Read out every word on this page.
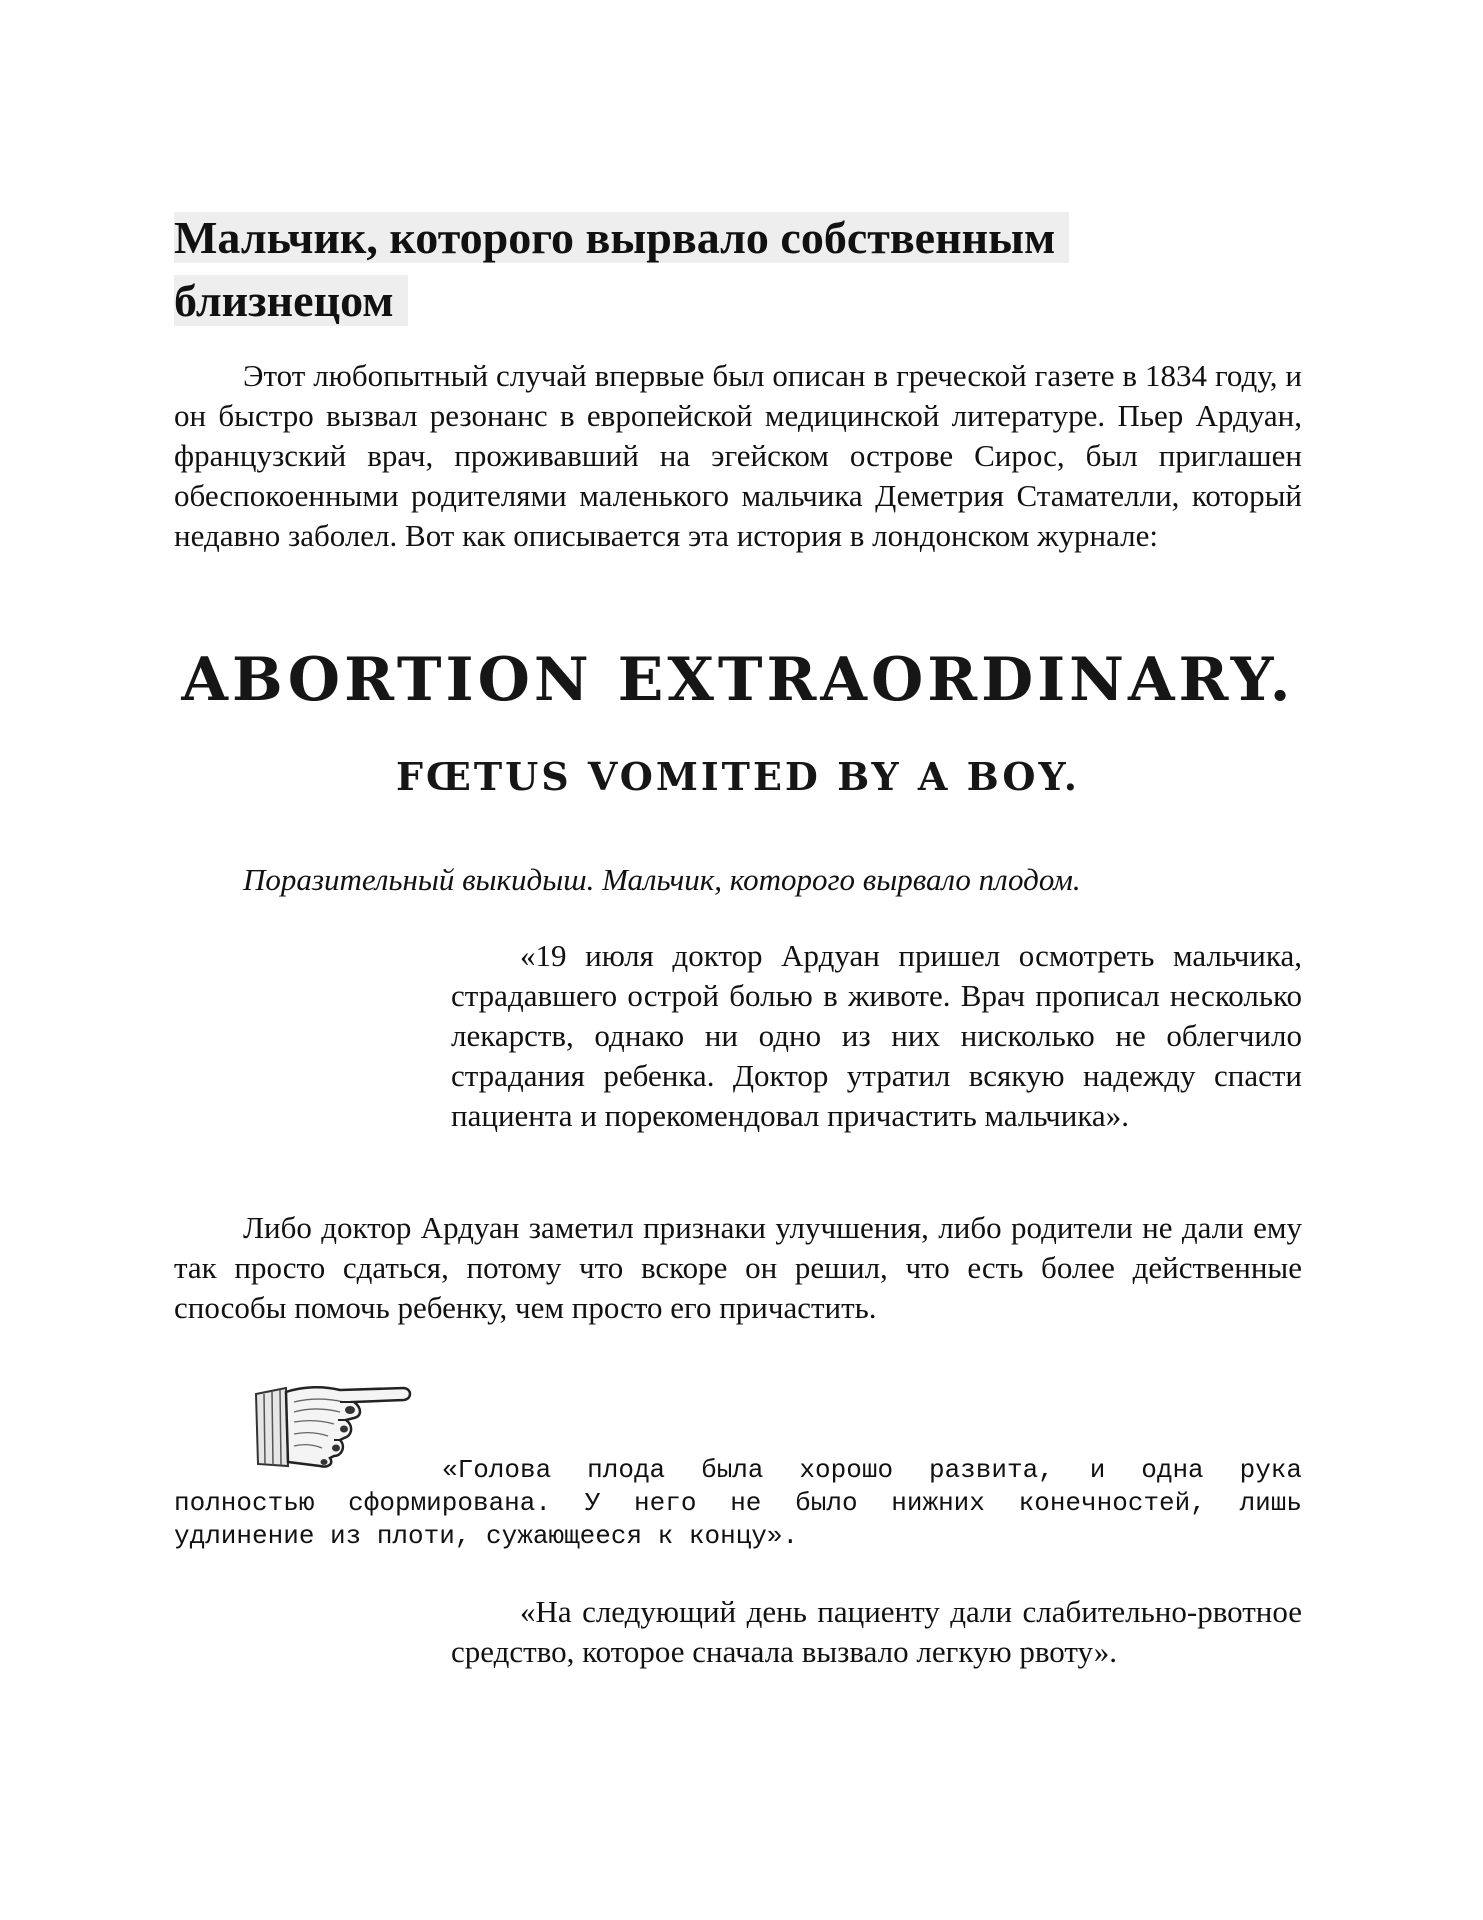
Мальчик, которого вырвало собственным близнецом

Этот любопытный случай впервые был описан в греческой газете в 1834 году, и он быстро вызвал резонанс в европейской медицинской литературе. Пьер Ардуан, французский врач, проживавший на эгейском острове Сирос, был приглашен обеспокоенными родителями маленького мальчика Деметрия Стамателли, который недавно заболел. Вот как описывается эта история в лондонском журнале:

ABORTION EXTRAORDINARY.
FŒTUS VOMITED BY A BOY.

Поразительный выкидыш. Мальчик, которого вырвало плодом.

«19 июля доктор Ардуан пришел осмотреть мальчика, страдавшего острой болью в животе. Врач прописал несколько лекарств, однако ни одно из них нисколько не облегчило страдания ребенка. Доктор утратил всякую надежду спасти пациента и порекомендовал причастить мальчика».

Либо доктор Ардуан заметил признаки улучшения, либо родители не дали ему так просто сдаться, потому что вскоре он решил, что есть более действенные способы помочь ребенку, чем просто его причастить.

«Голова плода была хорошо развита, и одна рука полностью сформирована. У него не было нижних конечностей, лишь удлинение из плоти, сужающееся к концу».

«На следующий день пациенту дали слабительно-рвотное средство, которое сначала вызвало легкую рвоту».
